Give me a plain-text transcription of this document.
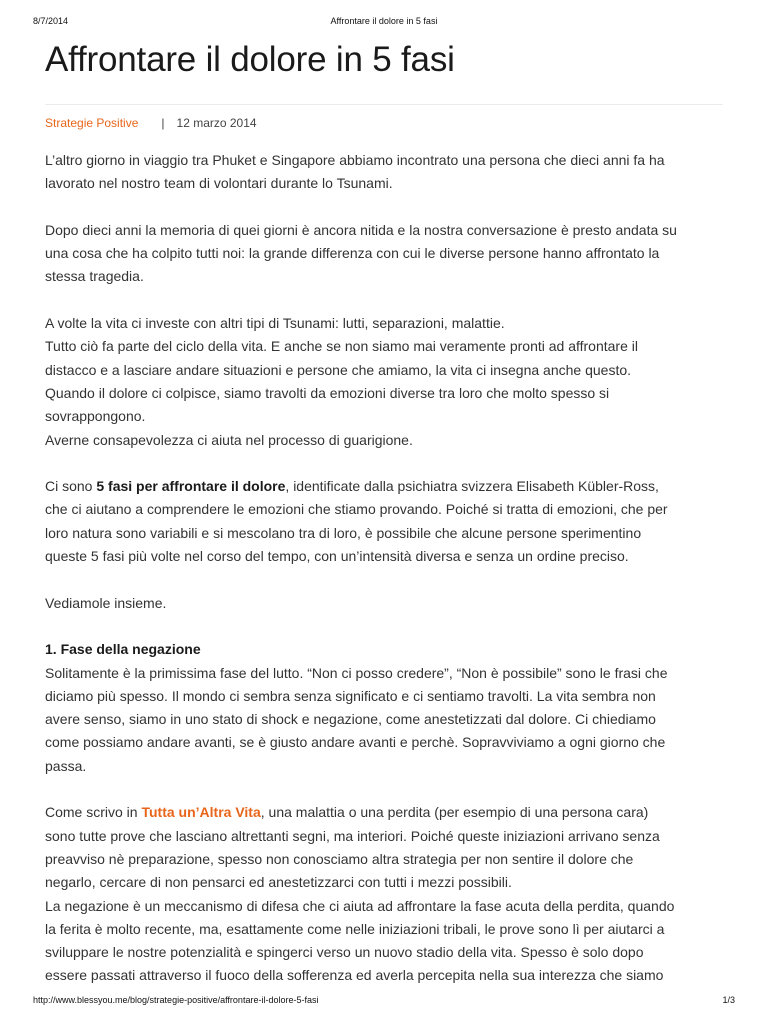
Affrontare il dolore in 5 fasi
8/7/2014
Affrontare il dolore in 5 fasi
Strategie Positive | 12 marzo 2014

L’altro giorno in viaggio tra Phuket e Singapore abbiamo incontrato una persona che dieci anni fa ha
lavorato nel nostro team di volontari durante lo Tsunami.

Dopo dieci anni la memoria di quei giorni è ancora nitida e la nostra conversazione è presto andata su
una cosa che ha colpito tutti noi: la grande differenza con cui le diverse persone hanno affrontato la
stessa tragedia.

A volte la vita ci investe con altri tipi di Tsunami: lutti, separazioni, malattie.
Tutto ciò fa parte del ciclo della vita. E anche se non siamo mai veramente pronti ad affrontare il
distacco e a lasciare andare situazioni e persone che amiamo, la vita ci insegna anche questo.
Quando il dolore ci colpisce, siamo travolti da emozioni diverse tra loro che molto spesso si
sovrappongono.
Averne consapevolezza ci aiuta nel processo di guarigione.

Ci sono 5 fasi per affrontare il dolore, identificate dalla psichiatra svizzera Elisabeth Kübler-Ross,
che ci aiutano a comprendere le emozioni che stiamo provando. Poiché si tratta di emozioni, che per
loro natura sono variabili e si mescolano tra di loro, è possibile che alcune persone sperimentino
queste 5 fasi più volte nel corso del tempo, con un’intensità diversa e senza un ordine preciso.

Vediamole insieme.

1. Fase della negazione

Solitamente è la primissima fase del lutto. “Non ci posso credere”, “Non è possibile” sono le frasi che
diciamo più spesso. Il mondo ci sembra senza significato e ci sentiamo travolti. La vita sembra non
avere senso, siamo in uno stato di shock e negazione, come anestetizzati dal dolore. Ci chiediamo
come possiamo andare avanti, se è giusto andare avanti e perchè. Sopravviviamo a ogni giorno che
passa.

Come scrivo in Tutta un’Altra Vita, una malattia o una perdita (per esempio di una persona cara)
sono tutte prove che lasciano altrettanti segni, ma interiori. Poiché queste iniziazioni arrivano senza
preavviso nè preparazione, spesso non conosciamo altra strategia per non sentire il dolore che
negarlo, cercare di non pensarci ed anestetizzarci con tutti i mezzi possibili.

La negazione è un meccanismo di difesa che ci aiuta ad affrontare la fase acuta della perdita, quando
la ferita è molto recente, ma, esattamente come nelle iniziazioni tribali, le prove sono lì per aiutarci a
sviluppare le nostre potenzialità e spingerci verso un nuovo stadio della vita. Spesso è solo dopo
essere passati attraverso il fuoco della sofferenza ed averla percepita nella sua interezza che siamo

http://www.blessyou.me/blog/strategie-positive/affrontare-il-dolore-5-fasi	1/3
